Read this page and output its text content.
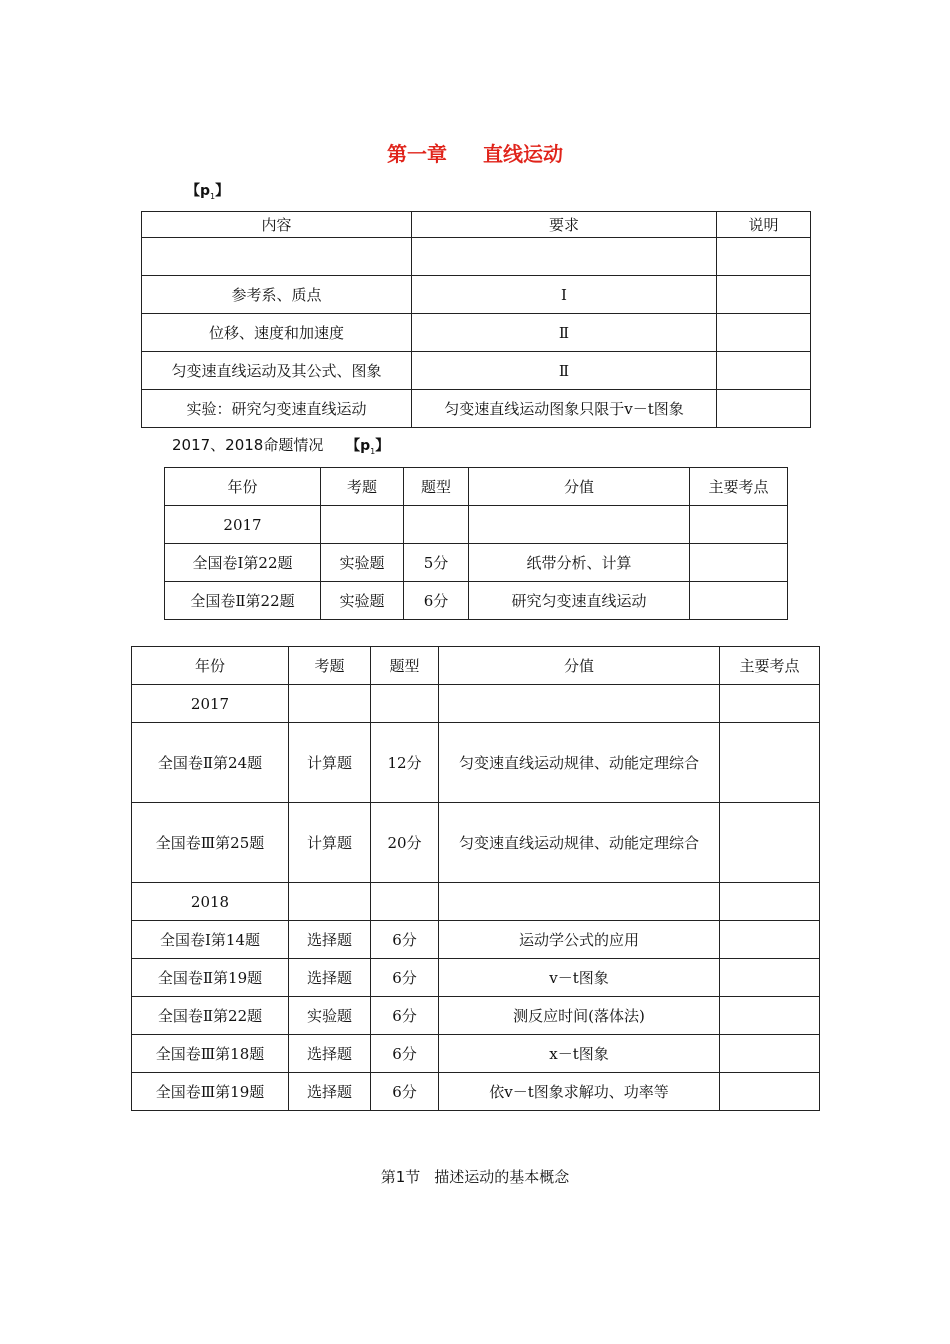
第一章 直线运动
【$p_1$】
内容	要求	说明

参考系、质点	Ⅰ	
位移、速度和加速度	Ⅱ	
匀变速直线运动及其公式、图象	Ⅱ	
实验：研究匀变速直线运动	匀变速直线运动图象只限于v－t图象	
2017、2018命题情况 【$p_1$】
年份	考题	题型	分值	主要考点
2017				
全国卷Ⅰ第22题	实验题	5分	纸带分析、计算	
全国卷Ⅱ第22题	实验题	6分	研究匀变速直线运动	
年份	考题	题型	分值	主要考点
2017				
全国卷Ⅱ第24题	计算题	12分	匀变速直线运动规律、动能定理综合	
全国卷Ⅲ第25题	计算题	20分	匀变速直线运动规律、动能定理综合	
2018				
全国卷Ⅰ第14题	选择题	6分	运动学公式的应用	
全国卷Ⅱ第19题	选择题	6分	v－t图象	
全国卷Ⅱ第22题	实验题	6分	测反应时间(落体法)	
全国卷Ⅲ第18题	选择题	6分	x－t图象	
全国卷Ⅲ第19题	选择题	6分	依v－t图象求解功、功率等	
第1节 描述运动的基本概念
